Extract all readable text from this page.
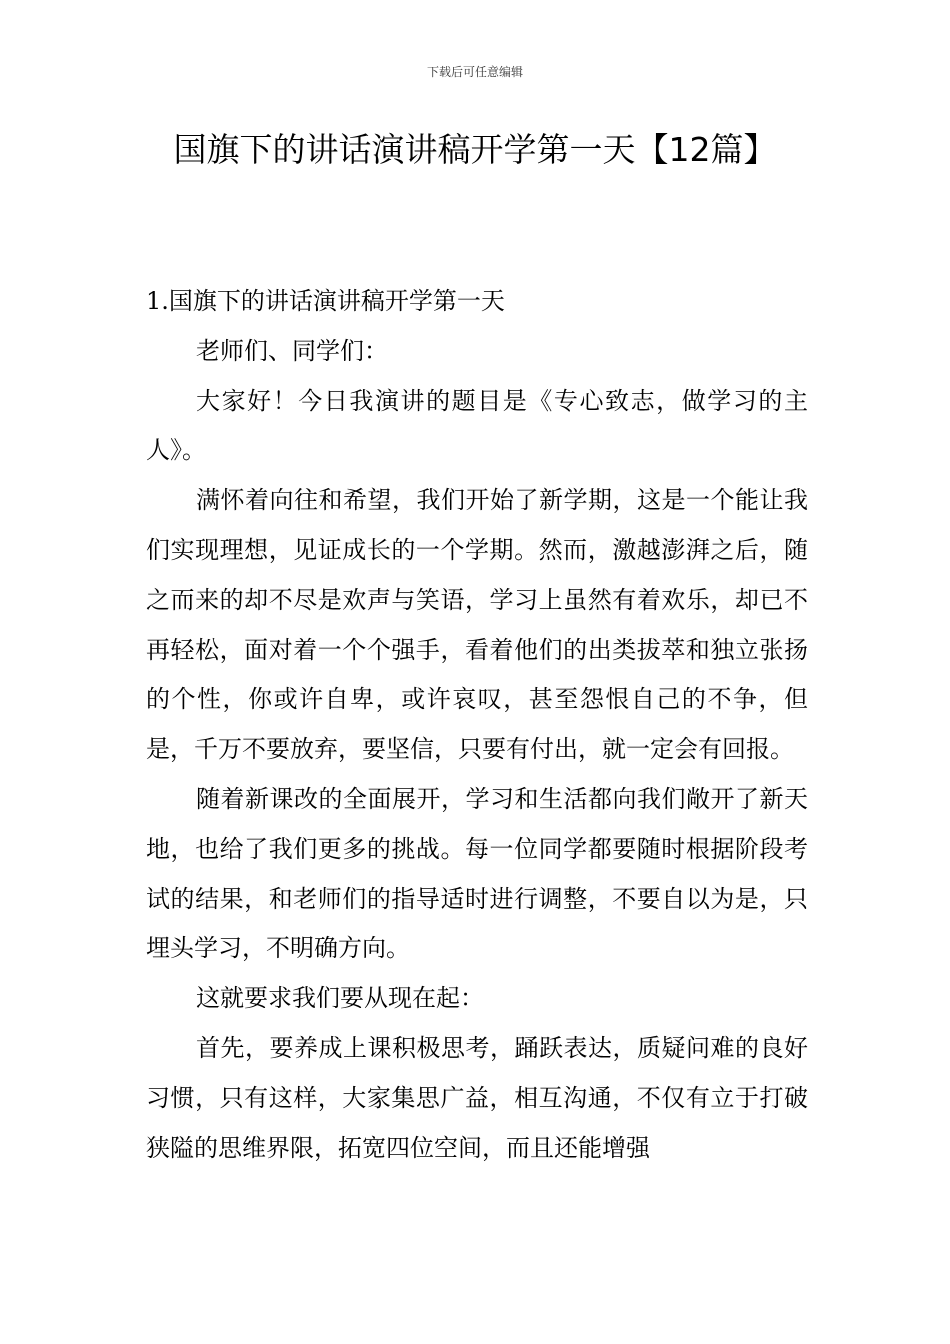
下载后可任意编辑
国旗下的讲话演讲稿开学第一天【12篇】

1.国旗下的讲话演讲稿开学第一天

老师们、同学们：

大家好！今日我演讲的题目是《专心致志，做学习的主人》。

满怀着向往和希望，我们开始了新学期，这是一个能让我们实现理想，见证成长的一个学期。然而，激越澎湃之后，随之而来的却不尽是欢声与笑语，学习上虽然有着欢乐，却已不再轻松，面对着一个个强手，看着他们的出类拔萃和独立张扬的个性，你或许自卑，或许哀叹，甚至怨恨自己的不争，但是，千万不要放弃，要坚信，只要有付出，就一定会有回报。

随着新课改的全面展开，学习和生活都向我们敞开了新天地，也给了我们更多的挑战。每一位同学都要随时根据阶段考试的结果，和老师们的指导适时进行调整，不要自以为是，只埋头学习，不明确方向。

这就要求我们要从现在起：

首先，要养成上课积极思考，踊跃表达，质疑问难的良好习惯，只有这样，大家集思广益，相互沟通，不仅有立于打破狭隘的思维界限，拓宽四位空间，而且还能增强
